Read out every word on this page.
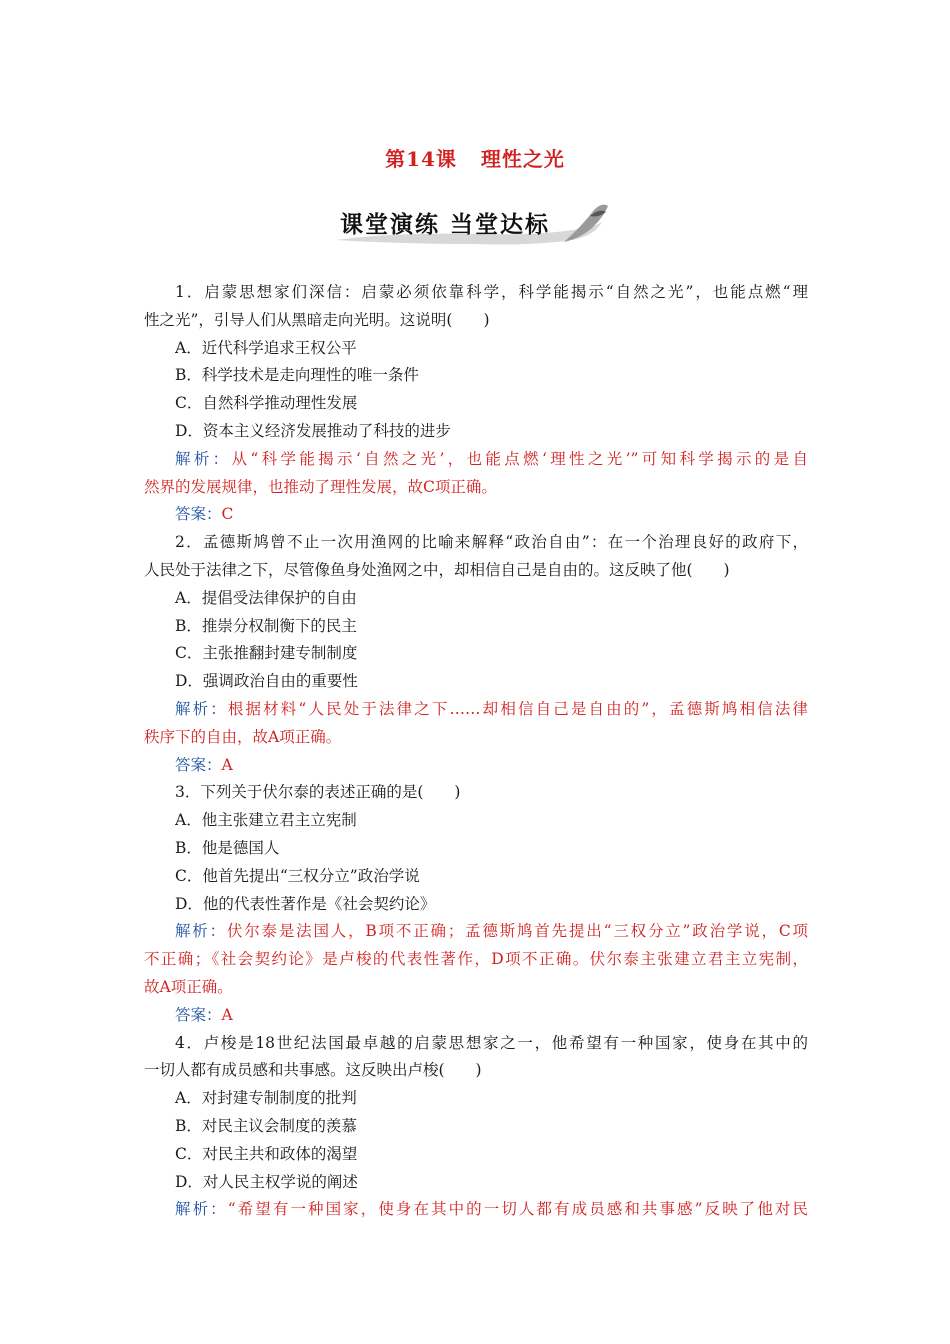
第14课 理性之光
课堂演练 当堂达标
1．启蒙思想家们深信：启蒙必须依靠科学，科学能揭示“自然之光”，也能点燃“理
性之光”，引导人们从黑暗走向光明。这说明(　　)
A．近代科学追求王权公平
B．科学技术是走向理性的唯一条件
C．自然科学推动理性发展
D．资本主义经济发展推动了科技的进步
解析：从“科学能揭示‘自然之光’，也能点燃‘理性之光’”可知科学揭示的是自
然界的发展规律，也推动了理性发展，故C项正确。
答案：C
2．孟德斯鸠曾不止一次用渔网的比喻来解释“政治自由”：在一个治理良好的政府下，
人民处于法律之下，尽管像鱼身处渔网之中，却相信自己是自由的。这反映了他(　　)
A．提倡受法律保护的自由
B．推崇分权制衡下的民主
C．主张推翻封建专制制度
D．强调政治自由的重要性
解析：根据材料“人民处于法律之下……却相信自己是自由的”，孟德斯鸠相信法律
秩序下的自由，故A项正确。
答案：A
3．下列关于伏尔泰的表述正确的是(　　)
A．他主张建立君主立宪制
B．他是德国人
C．他首先提出“三权分立”政治学说
D．他的代表性著作是《社会契约论》
解析：伏尔泰是法国人，B项不正确；孟德斯鸠首先提出“三权分立”政治学说，C项
不正确；《社会契约论》是卢梭的代表性著作，D项不正确。伏尔泰主张建立君主立宪制，
故A项正确。
答案：A
4．卢梭是18世纪法国最卓越的启蒙思想家之一，他希望有一种国家，使身在其中的
一切人都有成员感和共事感。这反映出卢梭(　　)
A．对封建专制制度的批判
B．对民主议会制度的羡慕
C．对民主共和政体的渴望
D．对人民主权学说的阐述
解析：“希望有一种国家，使身在其中的一切人都有成员感和共事感”反映了他对民
